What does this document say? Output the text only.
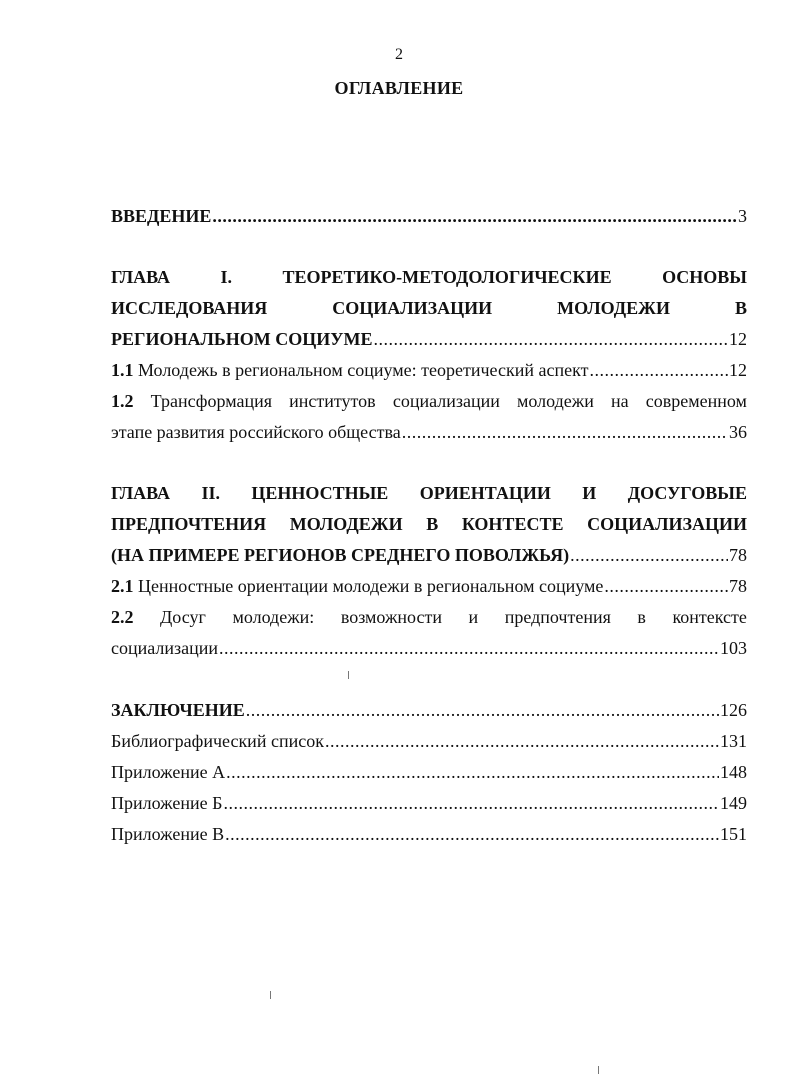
2
ОГЛАВЛЕНИЕ
ВВЕДЕНИЕ .....	3
ГЛАВА	I.	ТЕОРЕТИКО-МЕТОДОЛОГИЧЕСКИЕ	ОСНОВЫ
ИССЛЕДОВАНИЯ	СОЦИАЛИЗАЦИИ	МОЛОДЕЖИ	В
РЕГИОНАЛЬНОМ СОЦИУМЕ .....	12
1.1 Молодежь в региональном социуме: теоретический аспект .....	12
1.2 Трансформация институтов социализации молодежи на современном
этапе развития российского общества .....	36
ГЛАВА II. ЦЕННОСТНЫЕ ОРИЕНТАЦИИ И ДОСУГОВЫЕ
ПРЕДПОЧТЕНИЯ МОЛОДЕЖИ В КОНТЕСТЕ СОЦИАЛИЗАЦИИ
(НА ПРИМЕРЕ РЕГИОНОВ СРЕДНЕГО ПОВОЛЖЬЯ) .....	78
2.1 Ценностные ориентации молодежи в региональном социуме .....	78
2.2 Досуг молодежи: возможности и предпочтения в контексте
социализации .....	103
ЗАКЛЮЧЕНИЕ .....	126
Библиографический список .....	131
Приложение А .....	148
Приложение Б .....	149
Приложение В .....	151
